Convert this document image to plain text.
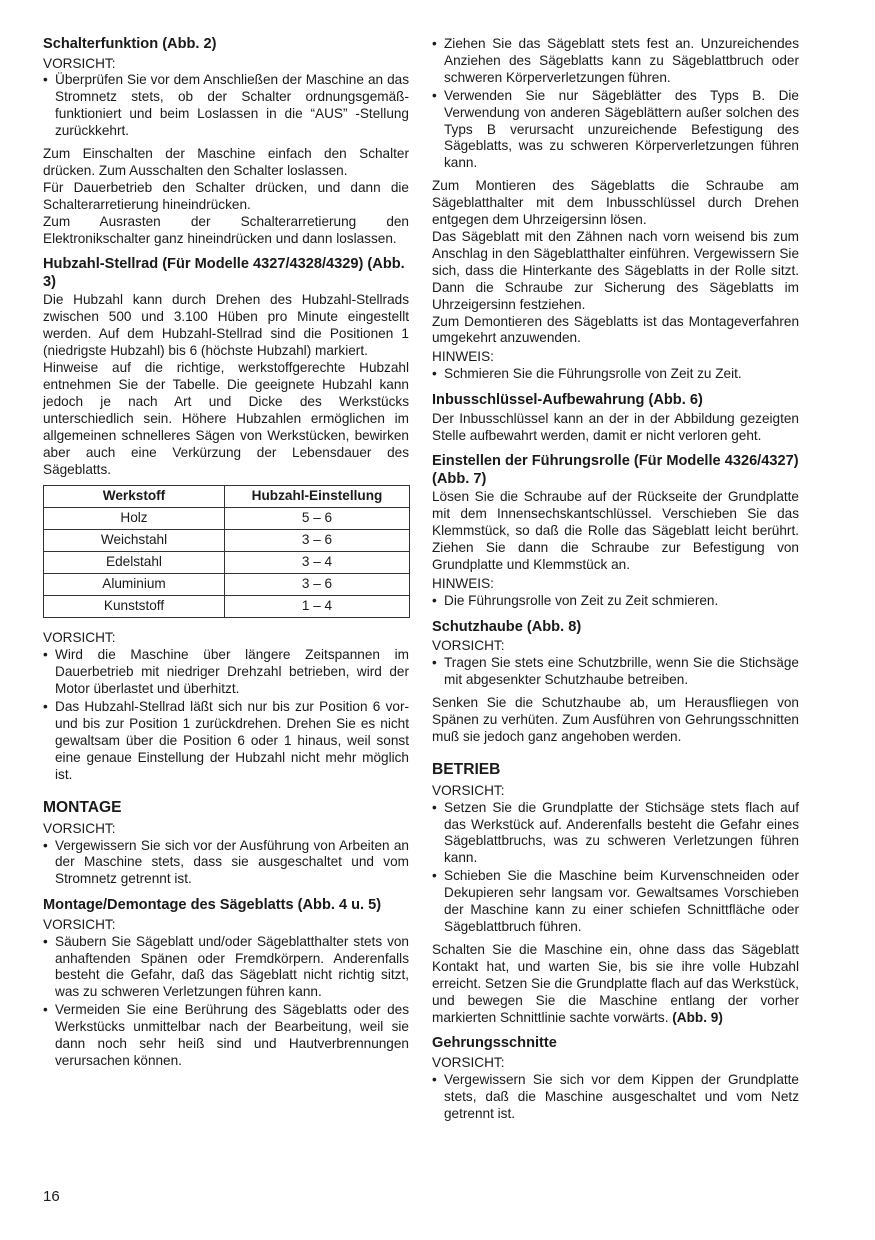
Schalterfunktion (Abb. 2)

VORSICHT:

• Überprüfen Sie vor dem Anschließen der Maschine an das Stromnetz stets, ob der Schalter ordnungsgemäß-funktioniert und beim Loslassen in die “AUS” -Stellung zurückkehrt.

Zum Einschalten der Maschine einfach den Schalter drücken. Zum Ausschalten den Schalter loslassen.

Für Dauerbetrieb den Schalter drücken, und dann die Schalterarretierung hineindrücken.

Zum Ausrasten der Schalterarretierung den Elektronikschalter ganz hineindrücken und dann loslassen.

Hubzahl-Stellrad (Für Modelle 4327/4328/4329) (Abb. 3)

Die Hubzahl kann durch Drehen des Hubzahl-Stellrads zwischen 500 und 3.100 Hüben pro Minute eingestellt werden. Auf dem Hubzahl-Stellrad sind die Positionen 1 (niedrigste Hubzahl) bis 6 (höchste Hubzahl) markiert.

Hinweise auf die richtige, werkstoffgerechte Hubzahl entnehmen Sie der Tabelle. Die geeignete Hubzahl kann jedoch je nach Art und Dicke des Werkstücks unterschiedlich sein. Höhere Hubzahlen ermöglichen im allgemeinen schnelleres Sägen von Werkstücken, bewirken aber auch eine Verkürzung der Lebensdauer des Sägeblatts.

Werkstoff	Hubzahl-Einstellung
Holz	5 – 6
Weichstahl	3 – 6
Edelstahl	3 – 4
Aluminium	3 – 6
Kunststoff	1 – 4

VORSICHT:

• Wird die Maschine über längere Zeitspannen im Dauerbetrieb mit niedriger Drehzahl betrieben, wird der Motor überlastet und überhitzt.
• Das Hubzahl-Stellrad läßt sich nur bis zur Position 6 vor- und bis zur Position 1 zurückdrehen. Drehen Sie es nicht gewaltsam über die Position 6 oder 1 hinaus, weil sonst eine genaue Einstellung der Hubzahl nicht mehr möglich ist.
MONTAGE

VORSICHT:

• Vergewissern Sie sich vor der Ausführung von Arbeiten an der Maschine stets, dass sie ausgeschaltet und vom Stromnetz getrennt ist.
Montage/Demontage des Sägeblatts (Abb. 4 u. 5)

VORSICHT:

• Säubern Sie Sägeblatt und/oder Sägeblatthalter stets von anhaftenden Spänen oder Fremdkörpern. Anderenfalls besteht die Gefahr, daß das Sägeblatt nicht richtig sitzt, was zu schweren Verletzungen führen kann.
• Vermeiden Sie eine Berührung des Sägeblatts oder des Werkstücks unmittelbar nach der Bearbeitung, weil sie dann noch sehr heiß sind und Hautverbrennungen verursachen können.
• Ziehen Sie das Sägeblatt stets fest an. Unzureichendes Anziehen des Sägeblatts kann zu Sägeblattbruch oder schweren Körperverletzungen führen.
• Verwenden Sie nur Sägeblätter des Typs B. Die Verwendung von anderen Sägeblättern außer solchen des Typs B verursacht unzureichende Befestigung des Sägeblatts, was zu schweren Körperverletzungen führen kann.

Zum Montieren des Sägeblatts die Schraube am Sägeblatthalter mit dem Inbusschlüssel durch Drehen entgegen dem Uhrzeigersinn lösen.

Das Sägeblatt mit den Zähnen nach vorn weisend bis zum Anschlag in den Sägeblatthalter einführen. Vergewissern Sie sich, dass die Hinterkante des Sägeblatts in der Rolle sitzt. Dann die Schraube zur Sicherung des Sägeblatts im Uhrzeigersinn festziehen.

Zum Demontieren des Sägeblatts ist das Montageverfahren umgekehrt anzuwenden.

HINWEIS:

• Schmieren Sie die Führungsrolle von Zeit zu Zeit.
Inbusschlüssel-Aufbewahrung (Abb. 6)

Der Inbusschlüssel kann an der in der Abbildung gezeigten Stelle aufbewahrt werden, damit er nicht verloren geht.

Einstellen der Führungsrolle (Für Modelle 4326/4327) (Abb. 7)

Lösen Sie die Schraube auf der Rückseite der Grundplatte mit dem Innensechskantschlüssel. Verschieben Sie das Klemmstück, so daß die Rolle das Sägeblatt leicht berührt. Ziehen Sie dann die Schraube zur Befestigung von Grundplatte und Klemmstück an.

HINWEIS:

• Die Führungsrolle von Zeit zu Zeit schmieren.
Schutzhaube (Abb. 8)

VORSICHT:

• Tragen Sie stets eine Schutzbrille, wenn Sie die Stichsäge mit abgesenkter Schutzhaube betreiben.

Senken Sie die Schutzhaube ab, um Herausfliegen von Spänen zu verhüten. Zum Ausführen von Gehrungsschnitten muß sie jedoch ganz angehoben werden.

BETRIEB

VORSICHT:

• Setzen Sie die Grundplatte der Stichsäge stets flach auf das Werkstück auf. Anderenfalls besteht die Gefahr eines Sägeblattbruchs, was zu schweren Verletzungen führen kann.
• Schieben Sie die Maschine beim Kurvenschneiden oder Dekupieren sehr langsam vor. Gewaltsames Vorschieben der Maschine kann zu einer schiefen Schnittfläche oder Sägeblattbruch führen.

Schalten Sie die Maschine ein, ohne dass das Sägeblatt Kontakt hat, und warten Sie, bis sie ihre volle Hubzahl erreicht. Setzen Sie die Grundplatte flach auf das Werkstück, und bewegen Sie die Maschine entlang der vorher markierten Schnittlinie sachte vorwärts. (Abb. 9)

Gehrungsschnitte

VORSICHT:

• Vergewissern Sie sich vor dem Kippen der Grundplatte stets, daß die Maschine ausgeschaltet und vom Netz getrennt ist.
16
